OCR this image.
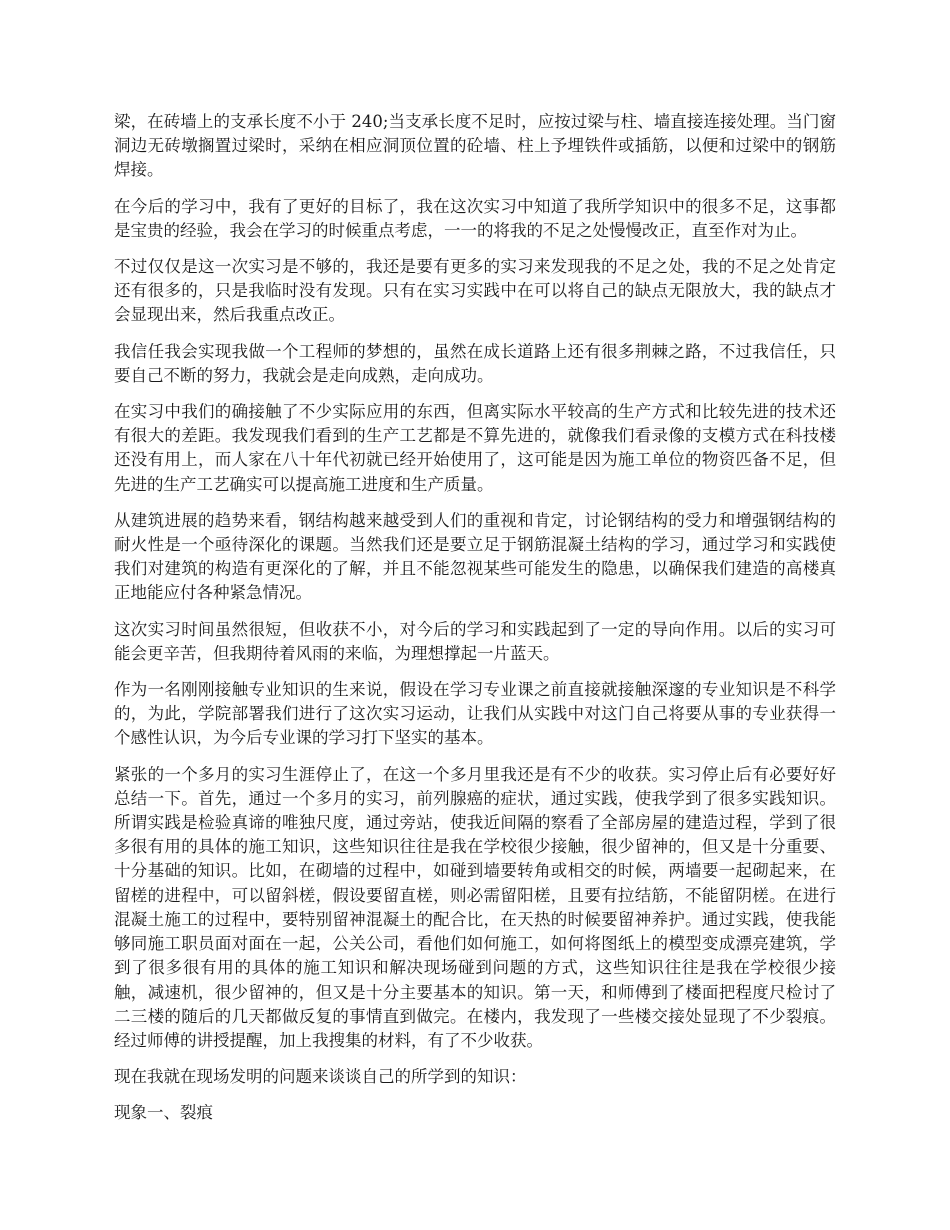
梁，在砖墙上的支承长度不小于 240;当支承长度不足时，应按过梁与柱、墙直接连接处理。当门窗洞边无砖墩搁置过梁时，采纳在相应洞顶位置的砼墙、柱上予埋铁件或插筋，以便和过梁中的钢筋焊接。

在今后的学习中，我有了更好的目标了，我在这次实习中知道了我所学知识中的很多不足，这事都是宝贵的经验，我会在学习的时候重点考虑，一一的将我的不足之处慢慢改正，直至作对为止。

不过仅仅是这一次实习是不够的，我还是要有更多的实习来发现我的不足之处，我的不足之处肯定还有很多的，只是我临时没有发现。只有在实习实践中在可以将自己的缺点无限放大，我的缺点才会显现出来，然后我重点改正。

我信任我会实现我做一个工程师的梦想的，虽然在成长道路上还有很多荆棘之路，不过我信任，只要自己不断的努力，我就会是走向成熟，走向成功。

在实习中我们的确接触了不少实际应用的东西，但离实际水平较高的生产方式和比较先进的技术还有很大的差距。我发现我们看到的生产工艺都是不算先进的，就像我们看录像的支模方式在科技楼还没有用上，而人家在八十年代初就已经开始使用了，这可能是因为施工单位的物资匹备不足，但先进的生产工艺确实可以提高施工进度和生产质量。

从建筑进展的趋势来看，钢结构越来越受到人们的重视和肯定，讨论钢结构的受力和增强钢结构的耐火性是一个亟待深化的课题。当然我们还是要立足于钢筋混凝土结构的学习，通过学习和实践使我们对建筑的构造有更深化的了解，并且不能忽视某些可能发生的隐患，以确保我们建造的高楼真正地能应付各种紧急情况。

这次实习时间虽然很短，但收获不小，对今后的学习和实践起到了一定的导向作用。以后的实习可能会更辛苦，但我期待着风雨的来临，为理想撑起一片蓝天。

作为一名刚刚接触专业知识的生来说，假设在学习专业课之前直接就接触深邃的专业知识是不科学的，为此，学院部署我们进行了这次实习运动，让我们从实践中对这门自己将要从事的专业获得一个感性认识，为今后专业课的学习打下坚实的基本。

紧张的一个多月的实习生涯停止了，在这一个多月里我还是有不少的收获。实习停止后有必要好好总结一下。首先，通过一个多月的实习，前列腺癌的症状，通过实践，使我学到了很多实践知识。所谓实践是检验真谛的唯独尺度，通过旁站，使我近间隔的察看了全部房屋的建造过程，学到了很多很有用的具体的施工知识，这些知识往往是我在学校很少接触，很少留神的，但又是十分重要、十分基础的知识。比如，在砌墙的过程中，如碰到墙要转角或相交的时候，两墙要一起砌起来，在留槎的进程中，可以留斜槎，假设要留直槎，则必需留阳槎，且要有拉结筋，不能留阴槎。在进行混凝土施工的过程中，要特别留神混凝土的配合比，在天热的时候要留神养护。通过实践，使我能够同施工职员面对面在一起，公关公司，看他们如何施工，如何将图纸上的模型变成漂亮建筑，学到了很多很有用的具体的施工知识和解决现场碰到问题的方式，这些知识往往是我在学校很少接触，减速机，很少留神的，但又是十分主要基本的知识。第一天，和师傅到了楼面把程度尺检讨了二三楼的随后的几天都做反复的事情直到做完。在楼内，我发现了一些楼交接处显现了不少裂痕。经过师傅的讲授提醒，加上我搜集的材料，有了不少收获。

现在我就在现场发明的问题来谈谈自己的所学到的知识：

现象一、裂痕
